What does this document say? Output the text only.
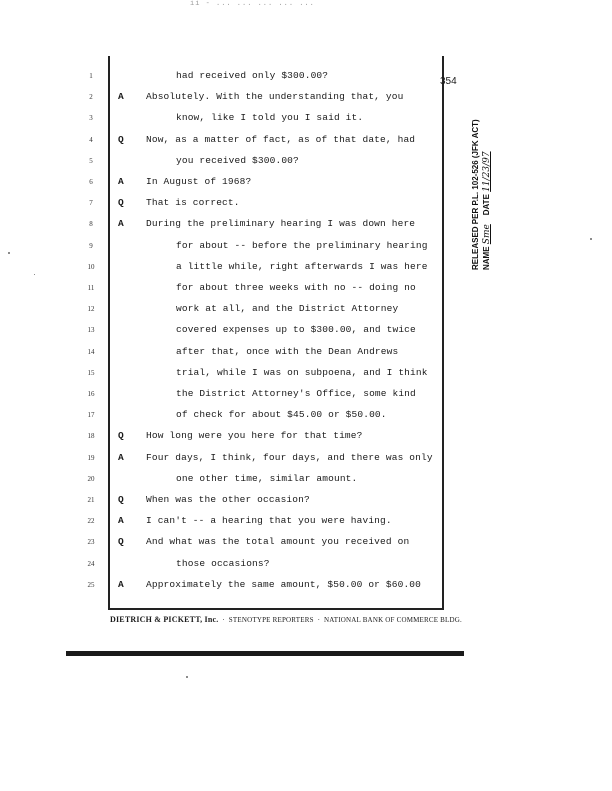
ii - ... ... ... ... ...
354
1	had received only $300.00?
2	A Absolutely. With the understanding that, you
3	know, like I told you I said it.
4	Q Now, as a matter of fact, as of that date, had
5	you received $300.00?
6	A In August of 1968?
7	Q That is correct.
8	A During the preliminary hearing I was down here
9	for about -- before the preliminary hearing
10	a little while, right afterwards I was here
11	for about three weeks with no -- doing no
12	work at all, and the District Attorney
13	covered expenses up to $300.00, and twice
14	after that, once with the Dean Andrews
15	trial, while I was on subpoena, and I think
16	the District Attorney's Office, some kind
17	of check for about $45.00 or $50.00.
18	Q How long were you here for that time?
19	A Four days, I think, four days, and there was only
20	one other time, similar amount.
21	Q When was the other occasion?
22	A I can't -- a hearing that you were having.
23	Q And what was the total amount you received on
24	those occasions?
25	A Approximately the same amount, $50.00 or $60.00
DIETRICH & PICKETT, Inc. · STENOTYPE REPORTERS · NATIONAL BANK OF COMMERCE BLDG.
RELEASED PER P.L. 102-526 (JFK ACT) NAME Sme    DATE 11/23/97
